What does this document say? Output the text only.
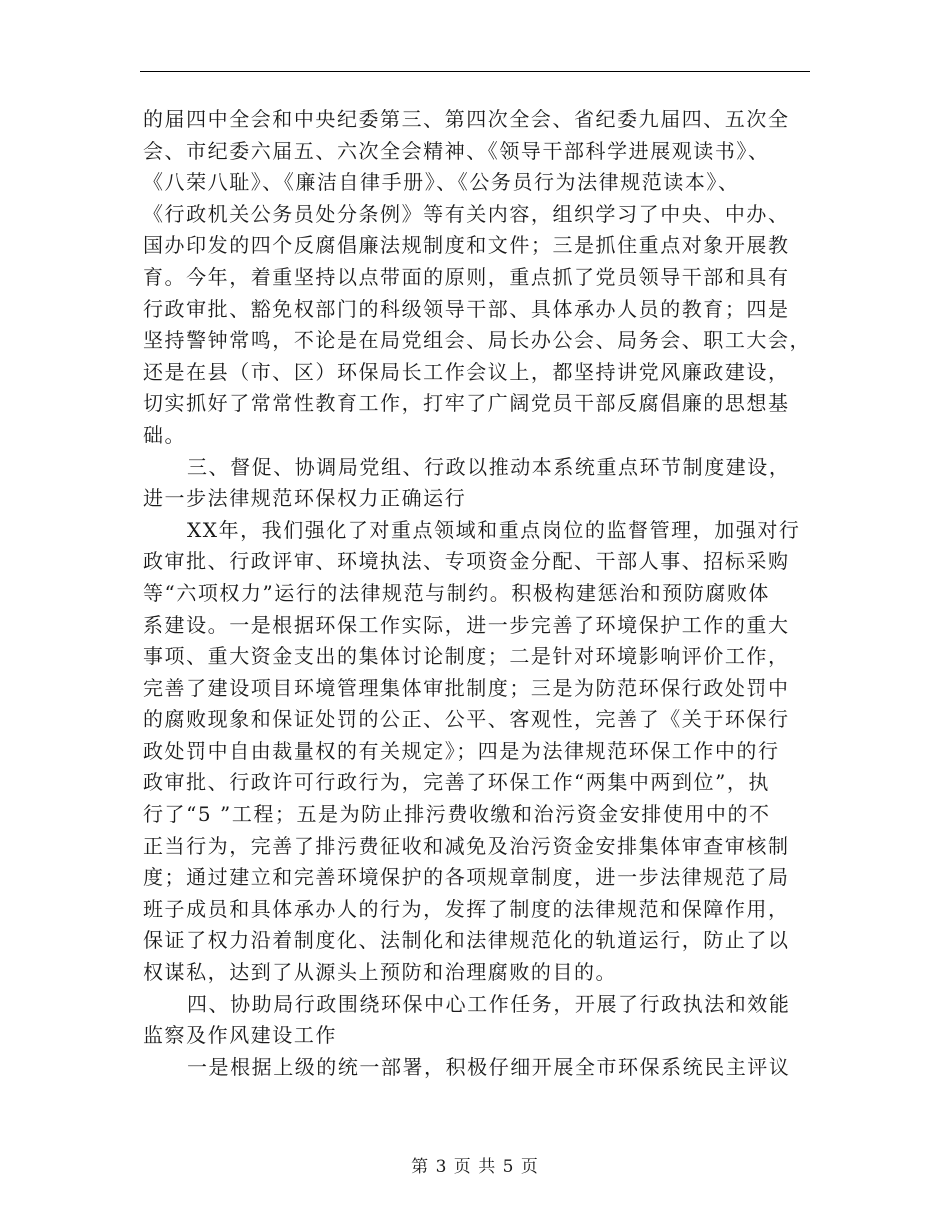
的届四中全会和中央纪委第三、第四次全会、省纪委九届四、五次全
会、市纪委六届五、六次全会精神、《领导干部科学进展观读书》、
《八荣八耻》、《廉洁自律手册》、《公务员行为法律规范读本》、
《行政机关公务员处分条例》等有关内容，组织学习了中央、中办、
国办印发的四个反腐倡廉法规制度和文件；三是抓住重点对象开展教
育。今年，着重坚持以点带面的原则，重点抓了党员领导干部和具有
行政审批、豁免权部门的科级领导干部、具体承办人员的教育；四是
坚持警钟常鸣，不论是在局党组会、局长办公会、局务会、职工大会，
还是在县（市、区）环保局长工作会议上，都坚持讲党风廉政建设，
切实抓好了常常性教育工作，打牢了广阔党员干部反腐倡廉的思想基
础。
三、督促、协调局党组、行政以推动本系统重点环节制度建设，
进一步法律规范环保权力正确运行
XX年，我们强化了对重点领域和重点岗位的监督管理，加强对行
政审批、行政评审、环境执法、专项资金分配、干部人事、招标采购
等“六项权力”运行的法律规范与制约。积极构建惩治和预防腐败体
系建设。一是根据环保工作实际，进一步完善了环境保护工作的重大
事项、重大资金支出的集体讨论制度；二是针对环境影响评价工作，
完善了建设项目环境管理集体审批制度；三是为防范环保行政处罚中
的腐败现象和保证处罚的公正、公平、客观性，完善了《关于环保行
政处罚中自由裁量权的有关规定》；四是为法律规范环保工作中的行
政审批、行政许可行政行为，完善了环保工作“两集中两到位”，执
行了“5 ”工程；五是为防止排污费收缴和治污资金安排使用中的不
正当行为，完善了排污费征收和减免及治污资金安排集体审查审核制
度；通过建立和完善环境保护的各项规章制度，进一步法律规范了局
班子成员和具体承办人的行为，发挥了制度的法律规范和保障作用，
保证了权力沿着制度化、法制化和法律规范化的轨道运行，防止了以
权谋私，达到了从源头上预防和治理腐败的目的。
四、协助局行政围绕环保中心工作任务，开展了行政执法和效能
监察及作风建设工作
一是根据上级的统一部署，积极仔细开展全市环保系统民主评议
第 3 页 共 5 页
